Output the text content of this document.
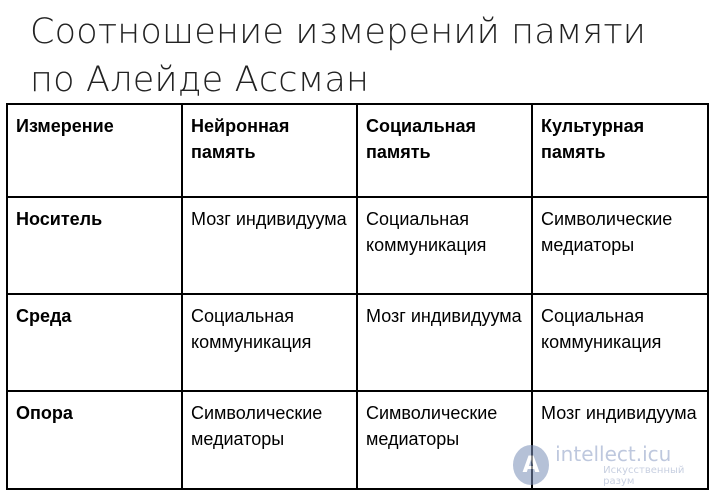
Соотношение измерений памяти
по Алейде Ассман
Измерение	Нейронная память	Социальная память	Культурная память
Носитель	Мозг индивидуума	Социальная коммуникация	Символические медиаторы
Среда	Социальная коммуникация	Мозг индивидуума	Социальная коммуникация
Опора	Символические медиаторы	Символические медиаторы	Мозг индивидуума
A intellect.icu
Искусственный разум
